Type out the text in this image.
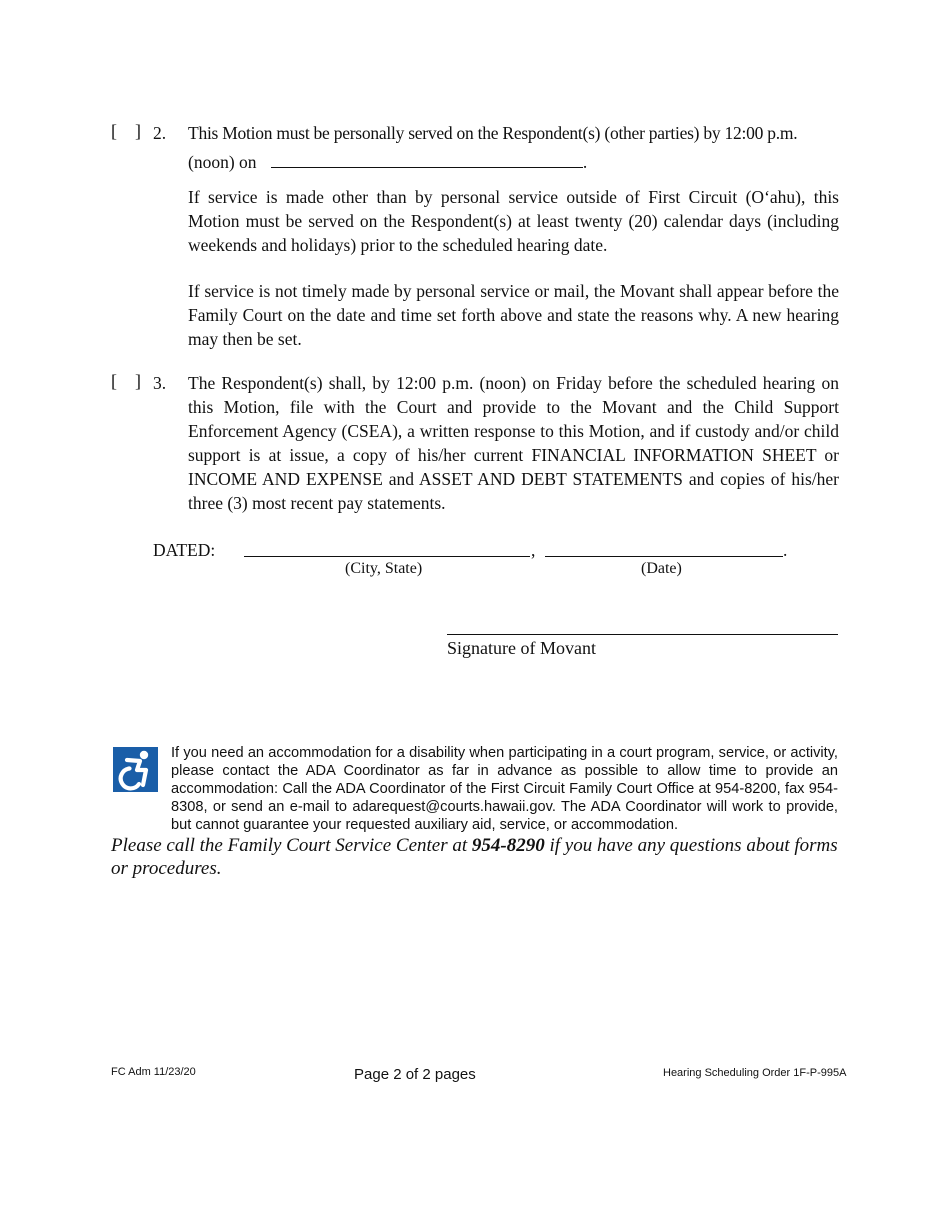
[    ] 2. This Motion must be personally served on the Respondent(s) (other parties) by 12:00 p.m.
(noon) on	.
If service is made other than by personal service outside of First Circuit (O‘ahu), this Motion must be served on the Respondent(s) at least twenty (20) calendar days (including weekends and holidays) prior to the scheduled hearing date.
If service is not timely made by personal service or mail, the Movant shall appear before the Family Court on the date and time set forth above and state the reasons why. A new hearing may then be set.
[    ] 3. The Respondent(s) shall, by 12:00 p.m. (noon) on Friday before the scheduled hearing on this Motion, file with the Court and provide to the Movant and the Child Support Enforcement Agency (CSEA), a written response to this Motion, and if custody and/or child support is at issue, a copy of his/her current FINANCIAL INFORMATION SHEET or INCOME AND EXPENSE and ASSET AND DEBT STATEMENTS and copies of his/her three (3) most recent pay statements.
DATED:	,	.
(City, State)	(Date)
Signature of Movant
If you need an accommodation for a disability when participating in a court program, service, or activity, please contact the ADA Coordinator as far in advance as possible to allow time to provide an accommodation: Call the ADA Coordinator of the First Circuit Family Court Office at 954-8200, fax 954-8308, or send an e-mail to adarequest@courts.hawaii.gov. The ADA Coordinator will work to provide, but cannot guarantee your requested auxiliary aid, service, or accommodation.
Please call the Family Court Service Center at 954-8290 if you have any questions about forms or procedures.
FC Adm 11/23/20	Page 2 of 2 pages	Hearing Scheduling Order 1F-P-995A
